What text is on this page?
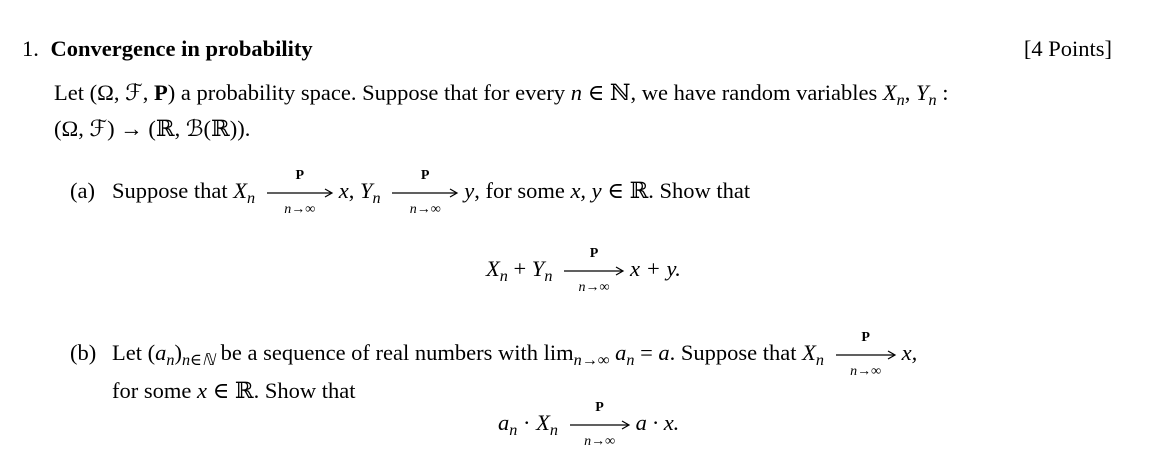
1. Convergence in probability	[4 Points]
Let (Ω, ℱ, P) a probability space. Suppose that for every n ∈ ℕ, we have random variables $X_n$, $Y_n$ :
(Ω, ℱ) → (ℝ, ℬ(ℝ)).
(a) Suppose that $X_n$
P
n→∞
x, $Y_n$
P
n→∞
y, for some x, y ∈ ℝ. Show that
$X_n + Y_n$
P
n→∞
x + y.
(b) Let $(a_n)_{n\in ℕ}$ be a sequence of real numbers with $\lim_{n\to\infty} a_n = a$. Suppose that $X_n$
P
n→∞
x,
for some x ∈ ℝ. Show that
$a_n \cdot X_n$
P
n→∞
a · x.
